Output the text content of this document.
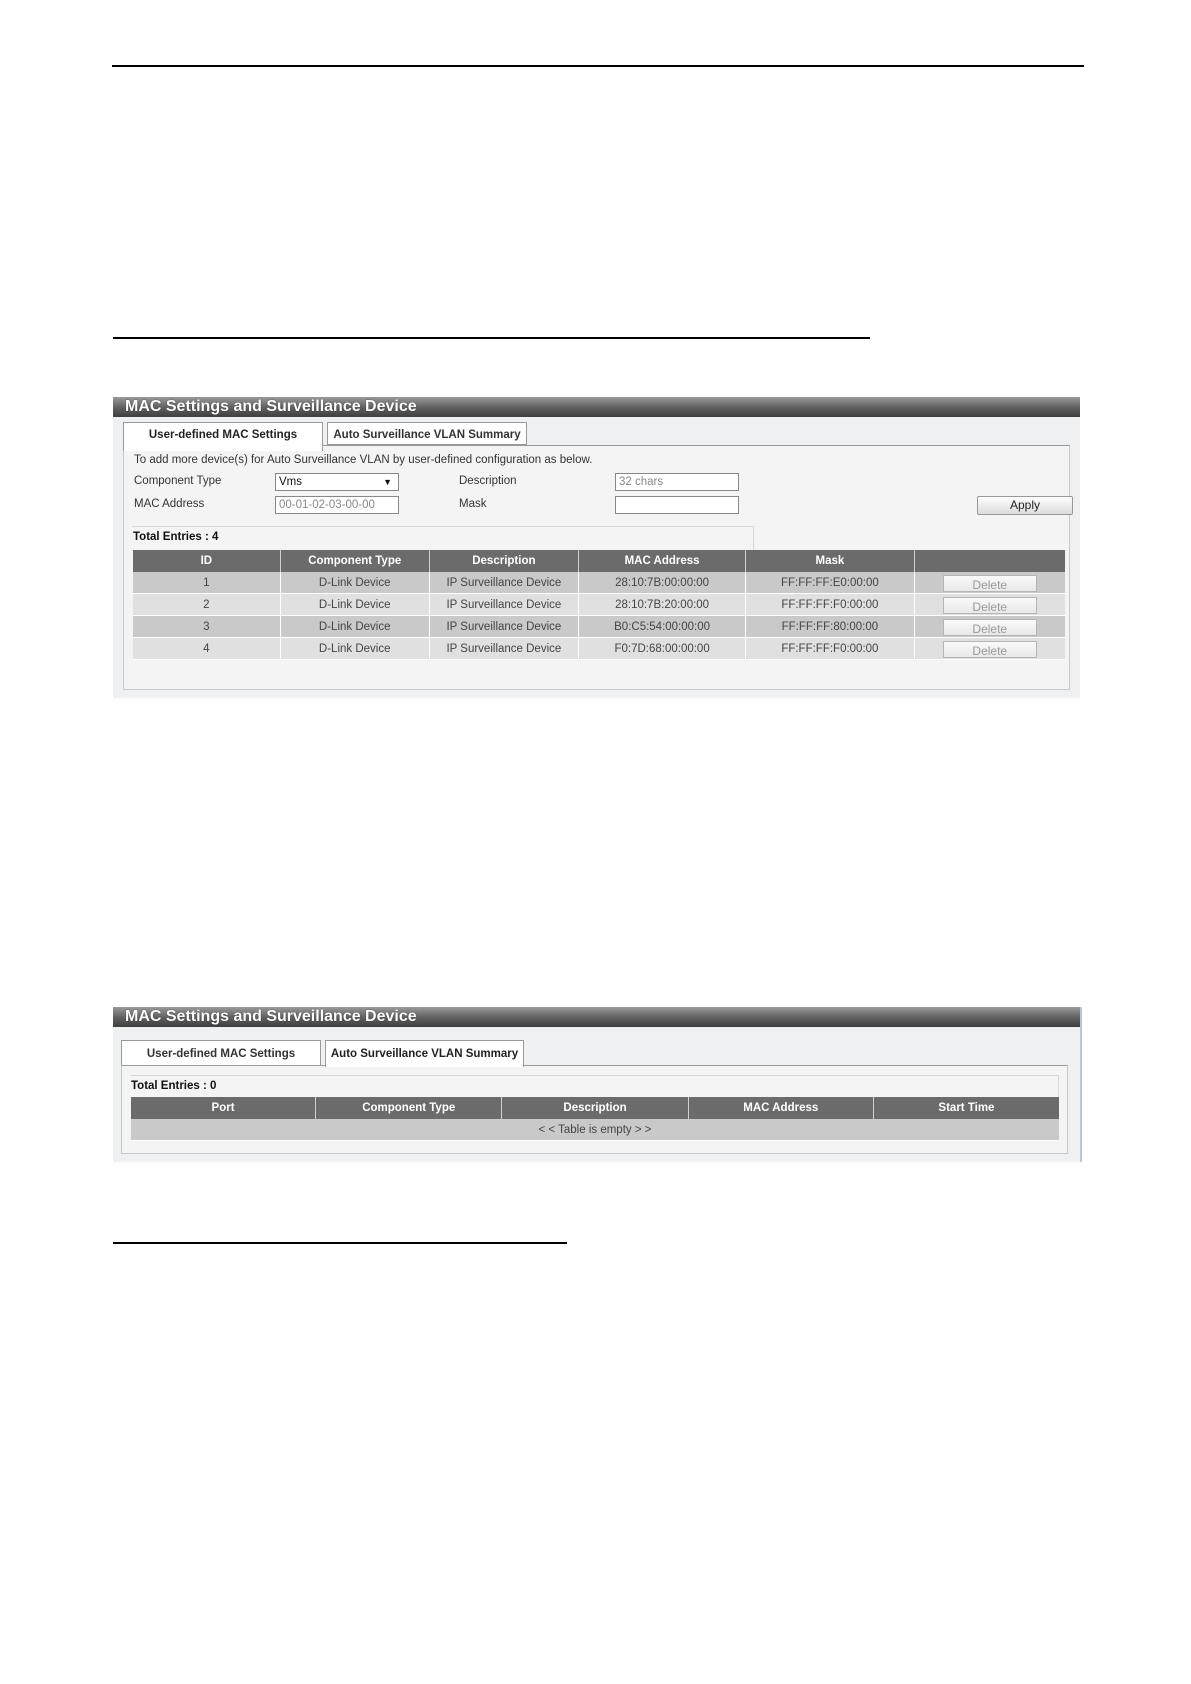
MAC Settings and Surveillance Device
User-defined MAC Settings	Auto Surveillance VLAN Summary
To add more device(s) for Auto Surveillance VLAN by user-defined configuration as below.
Component Type	Vms	▼	Description	32 chars
MAC Address	00-01-02-03-00-00	Mask	Apply
Total Entries : 4
ID	Component Type	Description	MAC Address	Mask	
1	D-Link Device	IP Surveillance Device	28:10:7B:00:00:00	FF:FF:FF:E0:00:00	Delete
2	D-Link Device	IP Surveillance Device	28:10:7B:20:00:00	FF:FF:FF:F0:00:00	Delete
3	D-Link Device	IP Surveillance Device	B0:C5:54:00:00:00	FF:FF:FF:80:00:00	Delete
4	D-Link Device	IP Surveillance Device	F0:7D:68:00:00:00	FF:FF:FF:F0:00:00	Delete
MAC Settings and Surveillance Device
User-defined MAC Settings	Auto Surveillance VLAN Summary
Total Entries : 0
Port	Component Type	Description	MAC Address	Start Time
< < Table is empty > >
